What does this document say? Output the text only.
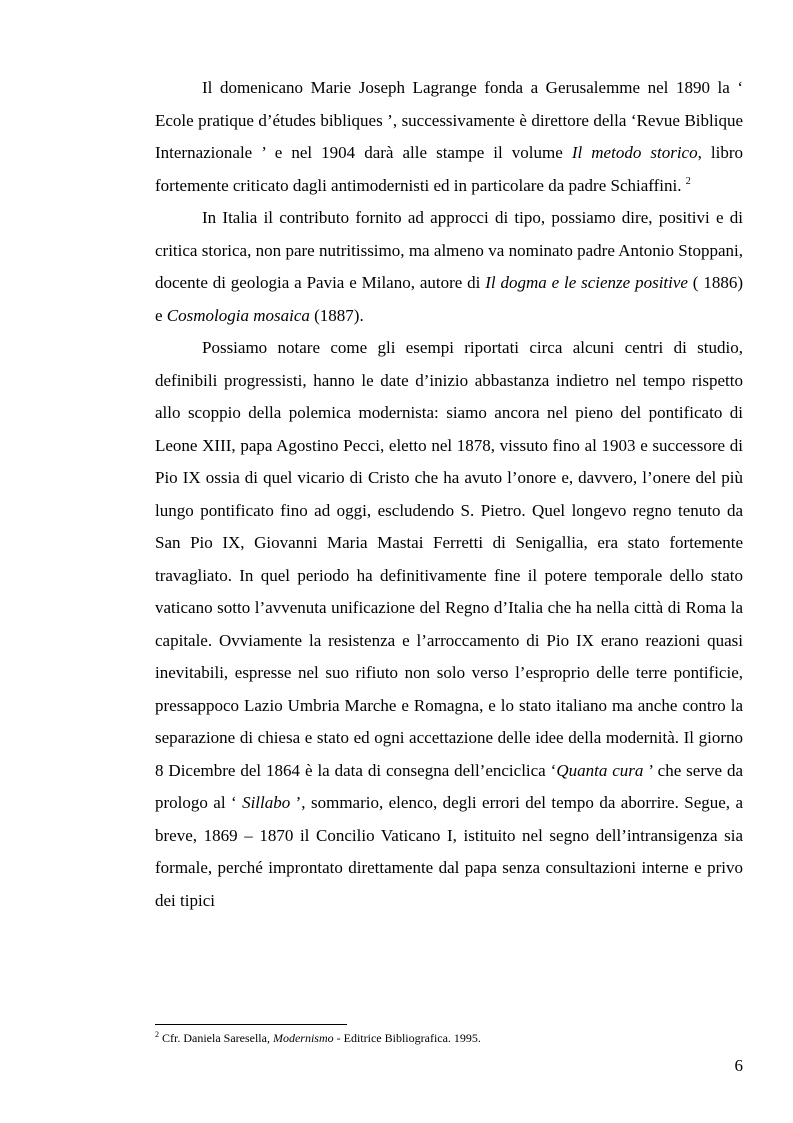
Il domenicano Marie Joseph Lagrange fonda a Gerusalemme nel 1890 la ‘ Ecole pratique d’études bibliques ’, successivamente è direttore della ‘Revue Biblique Internazionale ’ e nel 1904 darà alle stampe il volume Il metodo storico, libro fortemente criticato dagli antimodernisti ed in particolare da padre Schiaffini. $^2$

In Italia il contributo fornito ad approcci di tipo, possiamo dire, positivi e di critica storica, non pare nutritissimo, ma almeno va nominato padre Antonio Stoppani, docente di geologia a Pavia e Milano, autore di Il dogma e le scienze positive ( 1886) e Cosmologia mosaica (1887).

Possiamo notare come gli esempi riportati circa alcuni centri di studio, definibili progressisti, hanno le date d’inizio abbastanza indietro nel tempo rispetto allo scoppio della polemica modernista: siamo ancora nel pieno del pontificato di Leone XIII, papa Agostino Pecci, eletto nel 1878, vissuto fino al 1903 e successore di Pio IX ossia di quel vicario di Cristo che ha avuto l’onore e, davvero, l’onere del più lungo pontificato fino ad oggi, escludendo S. Pietro. Quel longevo regno tenuto da San Pio IX, Giovanni Maria Mastai Ferretti di Senigallia, era stato fortemente travagliato. In quel periodo ha definitivamente fine il potere temporale dello stato vaticano sotto l’avvenuta unificazione del Regno d’Italia che ha nella città di Roma la capitale. Ovviamente la resistenza e l’arroccamento di Pio IX erano reazioni quasi inevitabili, espresse nel suo rifiuto non solo verso l’esproprio delle terre pontificie, pressappoco Lazio Umbria Marche e Romagna, e lo stato italiano ma anche contro la separazione di chiesa e stato ed ogni accettazione delle idee della modernità. Il giorno 8 Dicembre del 1864 è la data di consegna dell’enciclica ‘Quanta cura ’ che serve da prologo al ‘ Sillabo ’, sommario, elenco, degli errori del tempo da aborrire. Segue, a breve, 1869 – 1870 il Concilio Vaticano I, istituito nel segno dell’intransigenza sia formale, perché improntato direttamente dal papa senza consultazioni interne e privo dei tipici

$^2$ Cfr. Daniela Saresella, Modernismo - Editrice Bibliografica. 1995.
6
